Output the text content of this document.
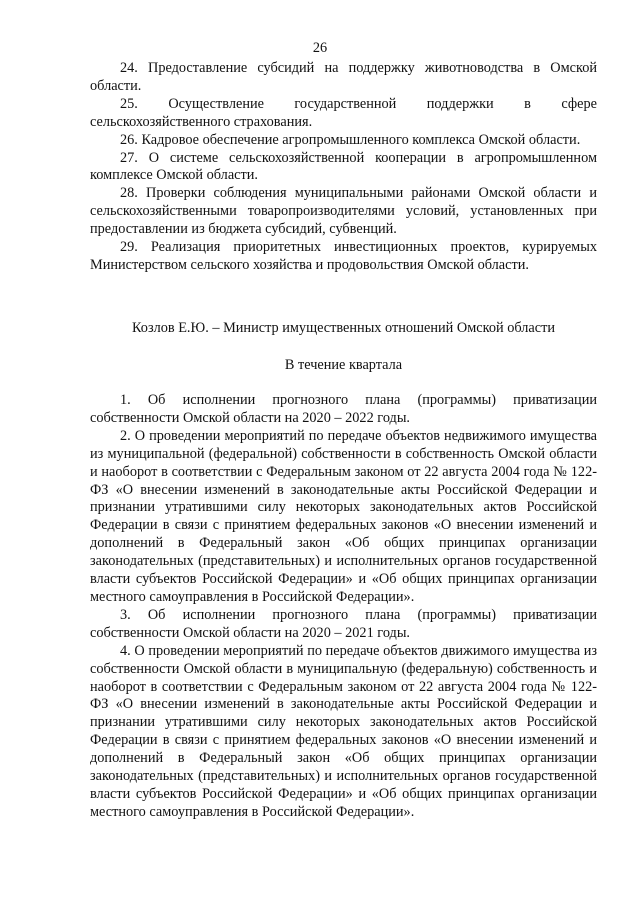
26

24. Предоставление субсидий на поддержку животноводства в Омской области.

25. Осуществление государственной поддержки в сфере сельскохозяйственного страхования.

26. Кадровое обеспечение агропромышленного комплекса Омской области.

27. О системе сельскохозяйственной кооперации в агропромышленном комплексе Омской области.

28. Проверки соблюдения муниципальными районами Омской области и сельскохозяйственными товаропроизводителями условий, установленных при предоставлении из бюджета субсидий, субвенций.

29. Реализация приоритетных инвестиционных проектов, курируемых Министерством сельского хозяйства и продовольствия Омской области.

Козлов Е.Ю. – Министр имущественных отношений Омской области

В течение квартала

1. Об исполнении прогнозного плана (программы) приватизации собственности Омской области на 2020 – 2022 годы.

2. О проведении мероприятий по передаче объектов недвижимого имущества из муниципальной (федеральной) собственности в собственность Омской области и наоборот в соответствии с Федеральным законом от 22 августа 2004 года № 122-ФЗ «О внесении изменений в законодательные акты Российской Федерации и признании утратившими силу некоторых законодательных актов Российской Федерации в связи с принятием федеральных законов «О внесении изменений и дополнений в Федеральный закон «Об общих принципах организации законодательных (представительных) и исполнительных органов государственной власти субъектов Российской Федерации» и «Об общих принципах организации местного самоуправления в Российской Федерации».

3. Об исполнении прогнозного плана (программы) приватизации собственности Омской области на 2020 – 2021 годы.

4. О проведении мероприятий по передаче объектов движимого имущества из собственности Омской области в муниципальную (федеральную) собственность и наоборот в соответствии с Федеральным законом от 22 августа 2004 года № 122-ФЗ «О внесении изменений в законодательные акты Российской Федерации и признании утратившими силу некоторых законодательных актов Российской Федерации в связи с принятием федеральных законов «О внесении изменений и дополнений в Федеральный закон «Об общих принципах организации законодательных (представительных) и исполнительных органов государственной власти субъектов Российской Федерации» и «Об общих принципах организации местного самоуправления в Российской Федерации».
